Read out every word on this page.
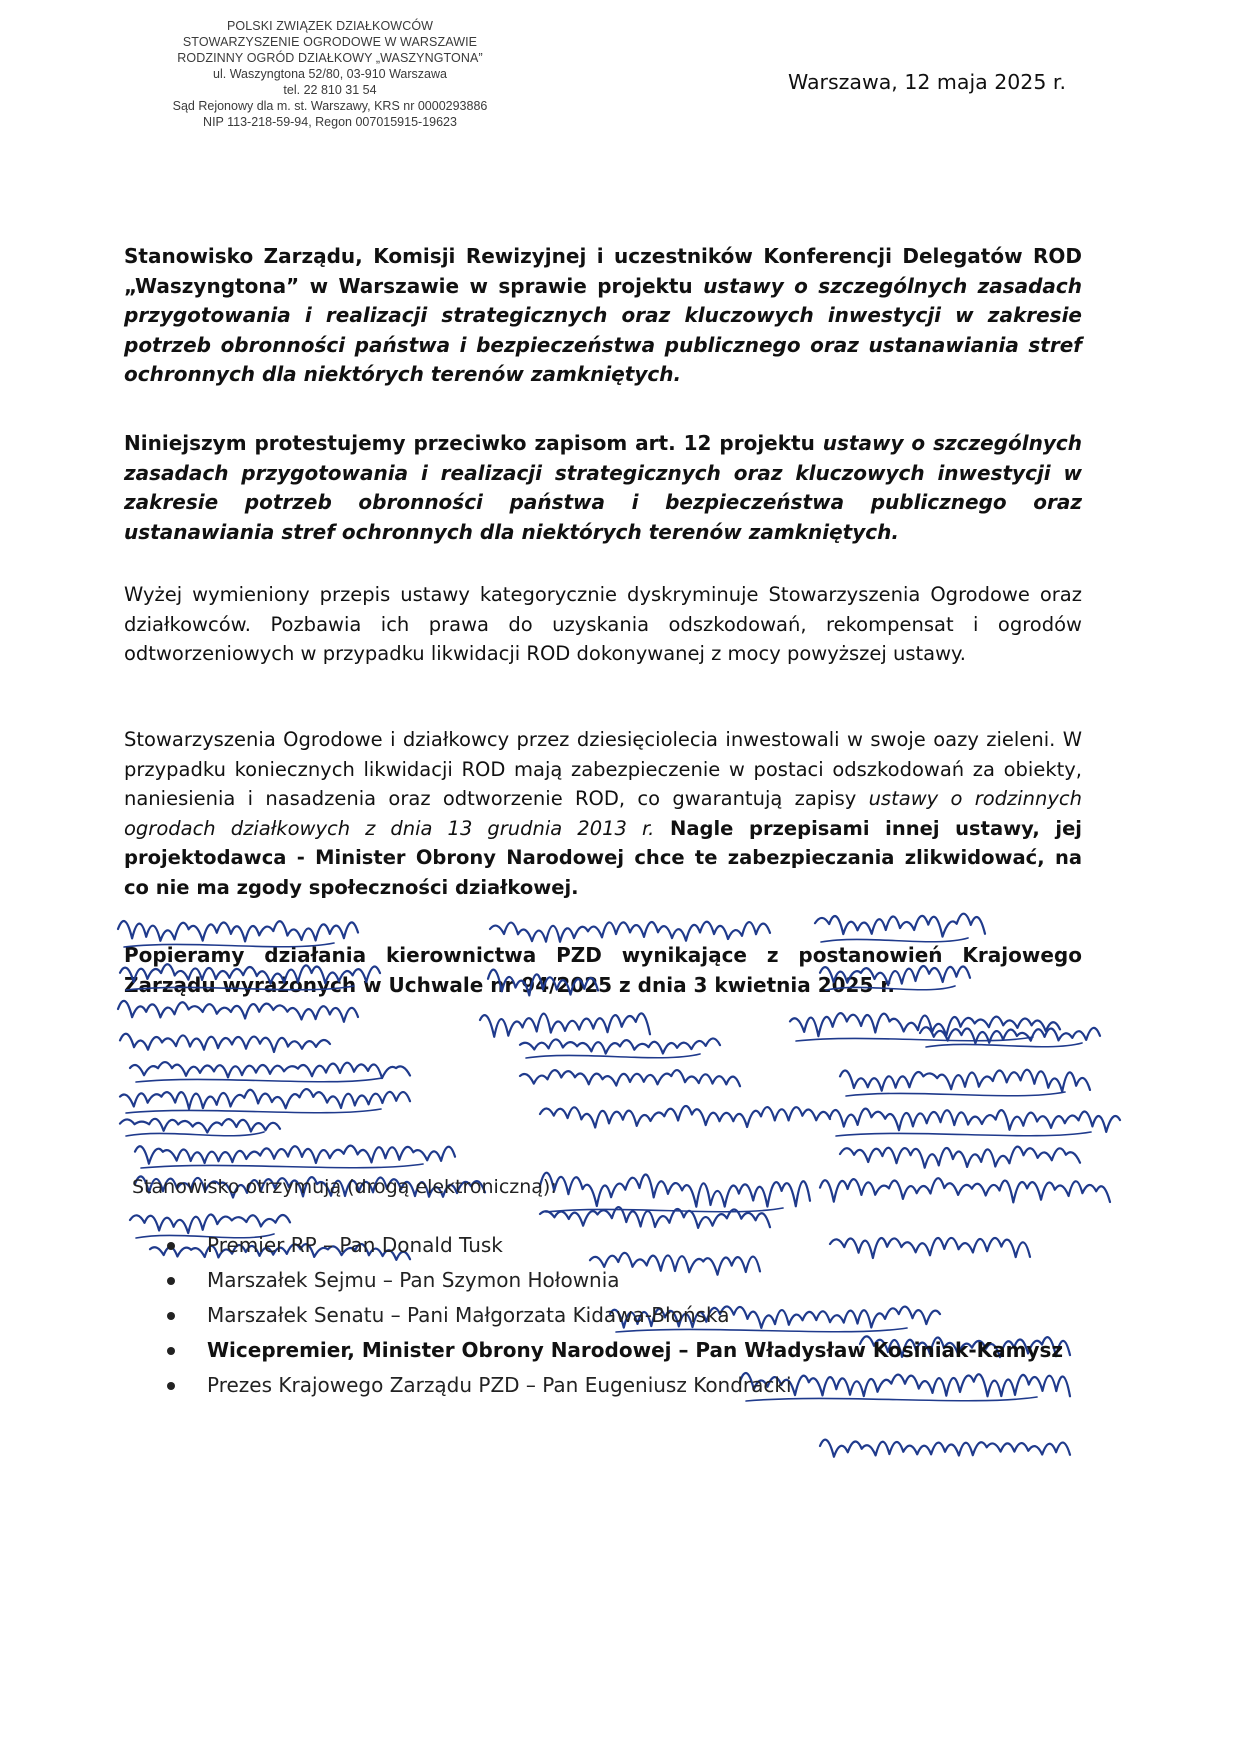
POLSKI ZWIĄZEK DZIAŁKOWCÓW
STOWARZYSZENIE OGRODOWE W WARSZAWIE
RODZINNY OGRÓD DZIAŁKOWY „WASZYNGTONA”
ul. Waszyngtona 52/80, 03-910 Warszawa
tel. 22 810 31 54
Sąd Rejonowy dla m. st. Warszawy, KRS nr 0000293886
NIP 113-218-59-94, Regon 007015915-19623
Warszawa, 12 maja 2025 r.
Stanowisko Zarządu, Komisji Rewizyjnej i uczestników Konferencji Delegatów ROD „Waszyngtona” w Warszawie w sprawie projektu ustawy o szczególnych zasadach przygotowania i realizacji strategicznych oraz kluczowych inwestycji w zakresie potrzeb obronności państwa i bezpieczeństwa publicznego oraz ustanawiania stref ochronnych dla niektórych terenów zamkniętych.
Niniejszym protestujemy przeciwko zapisom art. 12 projektu ustawy o szczególnych zasadach przygotowania i realizacji strategicznych oraz kluczowych inwestycji w zakresie potrzeb obronności państwa i bezpieczeństwa publicznego oraz ustanawiania stref ochronnych dla niektórych terenów zamkniętych.
Wyżej wymieniony przepis ustawy kategorycznie dyskryminuje Stowarzyszenia Ogrodowe oraz działkowców. Pozbawia ich prawa do uzyskania odszkodowań, rekompensat i ogrodów odtworzeniowych w przypadku likwidacji ROD dokonywanej z mocy powyższej ustawy.
Stowarzyszenia Ogrodowe i działkowcy przez dziesięciolecia inwestowali w swoje oazy zieleni. W przypadku koniecznych likwidacji ROD mają zabezpieczenie w postaci odszkodowań za obiekty, naniesienia i nasadzenia oraz odtworzenie ROD, co gwarantują zapisy ustawy o rodzinnych ogrodach działkowych z dnia 13 grudnia 2013 r. Nagle przepisami innej ustawy, jej projektodawca - Minister Obrony Narodowej chce te zabezpieczania zlikwidować, na co nie ma zgody społeczności działkowej.
Popieramy działania kierownictwa PZD wynikające z postanowień Krajowego Zarządu wyrażonych w Uchwale nr 94/2025 z dnia 3 kwietnia 2025 r.
Stanowisko otrzymują (drogą elektroniczną):
Premier RP – Pan Donald Tusk
Marszałek Sejmu – Pan Szymon Hołownia
Marszałek Senatu – Pani Małgorzata Kidawa-Błońska
Wicepremier, Minister Obrony Narodowej – Pan Władysław Kosiniak-Kamysz
Prezes Krajowego Zarządu PZD – Pan Eugeniusz Kondracki
